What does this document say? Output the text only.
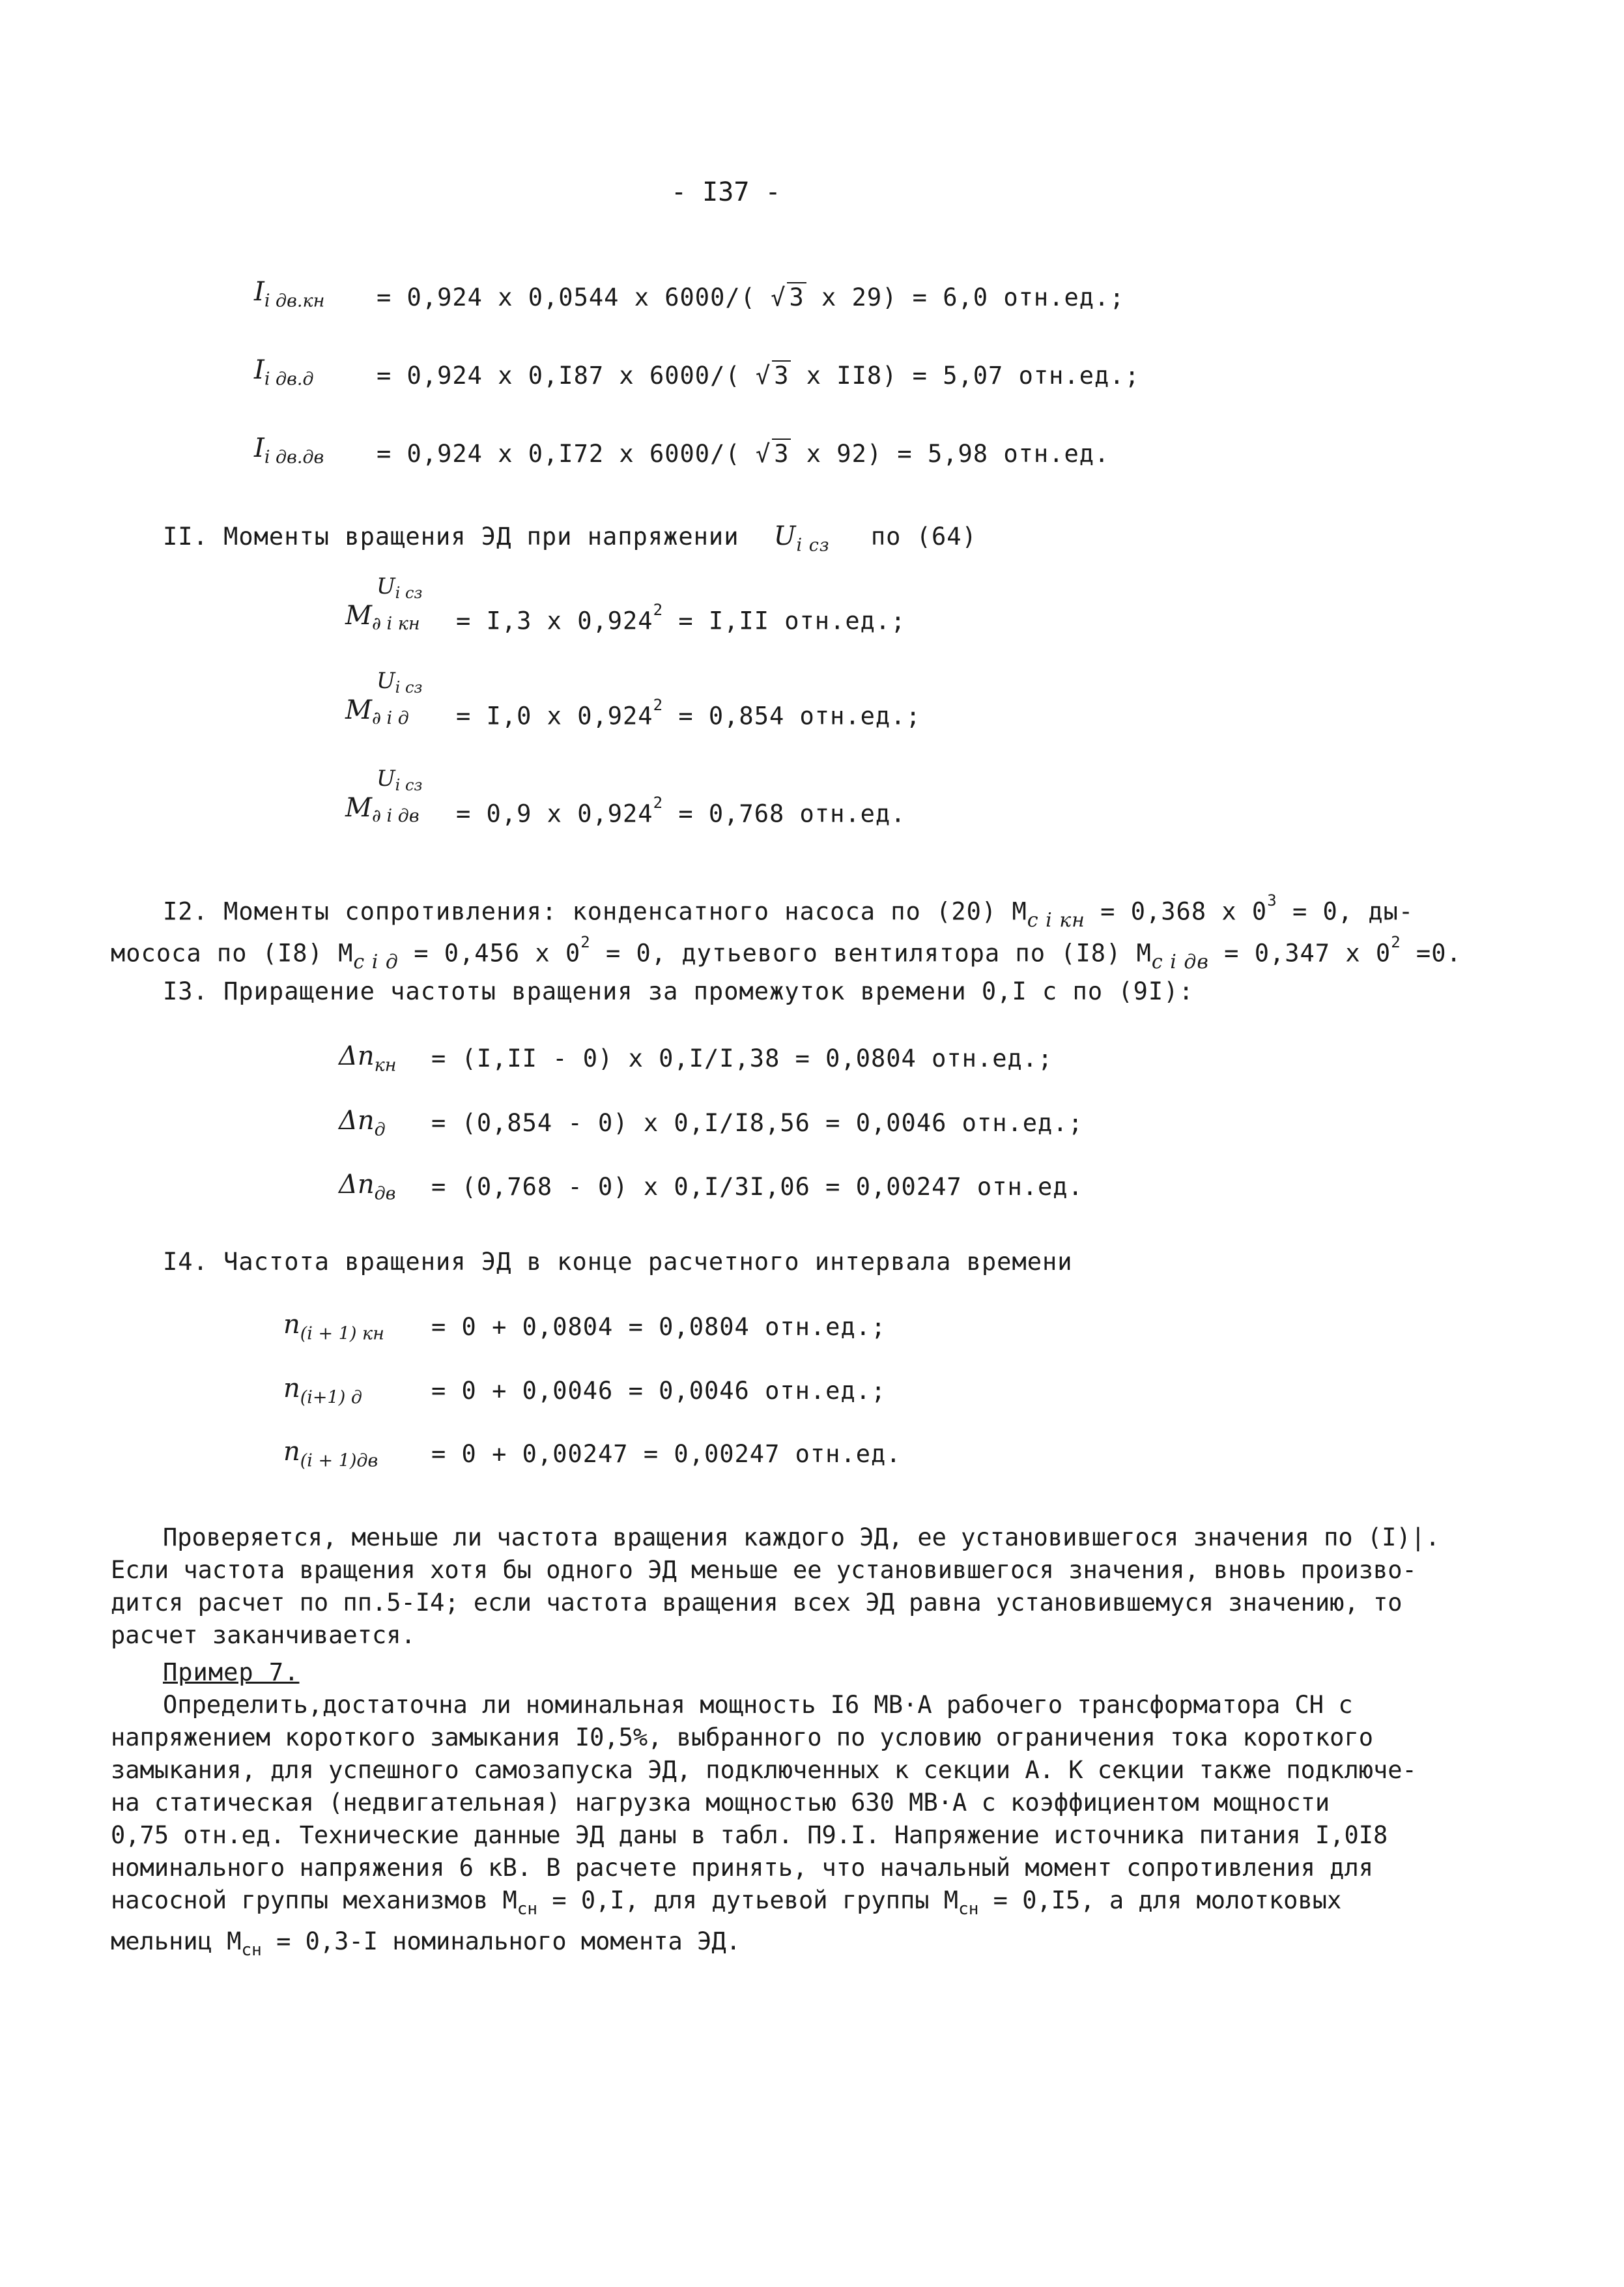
- I37 -
Ii дв.кн = 0,924 x 0,0544 x 6000/( √ 3 x 29) = 6,0 отн.ед.;
Ii дв.д	= 0,924 x 0,I87 x 6000/( √ 3 x II8) = 5,07 отн.ед.;
Ii дв.дв = 0,924 x 0,I72 x 6000/( √ 3 x 92) = 5,98 отн.ед.
II. Моменты вращения ЭД при напряжении $U_{i сз}$ по (64)
$U_{i сз}$
$M_{\partial i кн} = I,3$ x $0,924^2 = I,II$ отн.ед.;
$U_{i сз}$
$M_{\partial i д} = I,0$ x $0,924^2 = 0,854$ отн.ед.;
$U_{i сз}$
$M_{\partial i дв} = 0,9$ x $0,924^2 = 0,768$ отн.ед.
I2. Моменты сопротивления: конденсатного насоса по (20) $М_{c i кн} = 0,368$ x $0^3 = 0$, ды-
мососа по (I8) $М_{c i д} = 0,456$ x $0^2 = 0$, дутьевого вентилятора по (I8) $М_{c i дв} = 0,347$ x $0^2 =0$.
I3. Приращение частоты вращения за промежуток времени 0,I с по (9I):
Δnкн = (I,II - 0) x 0,I/I,38 = 0,0804 отн.ед.;
Δnд = (0,854 - 0) x 0,I/I8,56 = 0,0046 отн.ед.;
Δnдв = (0,768 - 0) x 0,I/3I,06 = 0,00247 отн.ед.
I4. Частота вращения ЭД в конце расчетного интервала времени
n(i + 1) кн = 0 + 0,0804 = 0,0804 отн.ед.;
n(i+1) д	= 0 + 0,0046 = 0,0046 отн.ед.;
n(i + 1)дв = 0 + 0,00247 = 0,00247 отн.ед.
Проверяется, меньше ли частота вращения каждого ЭД, ее установившегося значения по (I)|.
Если частота вращения хотя бы одного ЭД меньше ее установившегося значения, вновь произво-
дится расчет по пп.5-I4; если частота вращения всех ЭД равна установившемуся значению, то
расчет заканчивается.
Пример 7.
Определить,достаточна ли номинальная мощность I6 МВ·А рабочего трансформатора СН с
напряжением короткого замыкания I0,5%, выбранного по условию ограничения тока короткого
замыкания, для успешного самозапуска ЭД, подключенных к секции А. К секции также подключе-
на статическая (недвигательная) нагрузка мощностью 630 МВ·А с коэффициентом мощности
0,75 отн.ед. Технические данные ЭД даны в табл. П9.I. Напряжение источника питания I,0I8
номинального напряжения 6 кВ. В расчете принять, что начальный момент сопротивления для
насосной группы механизмов $М_{сн} = 0,I$, для дутьевой группы $М_{сн} = 0,I5$, а для молотковых
мельниц $М_{сн} = 0,3-I$ номинального момента ЭД.
